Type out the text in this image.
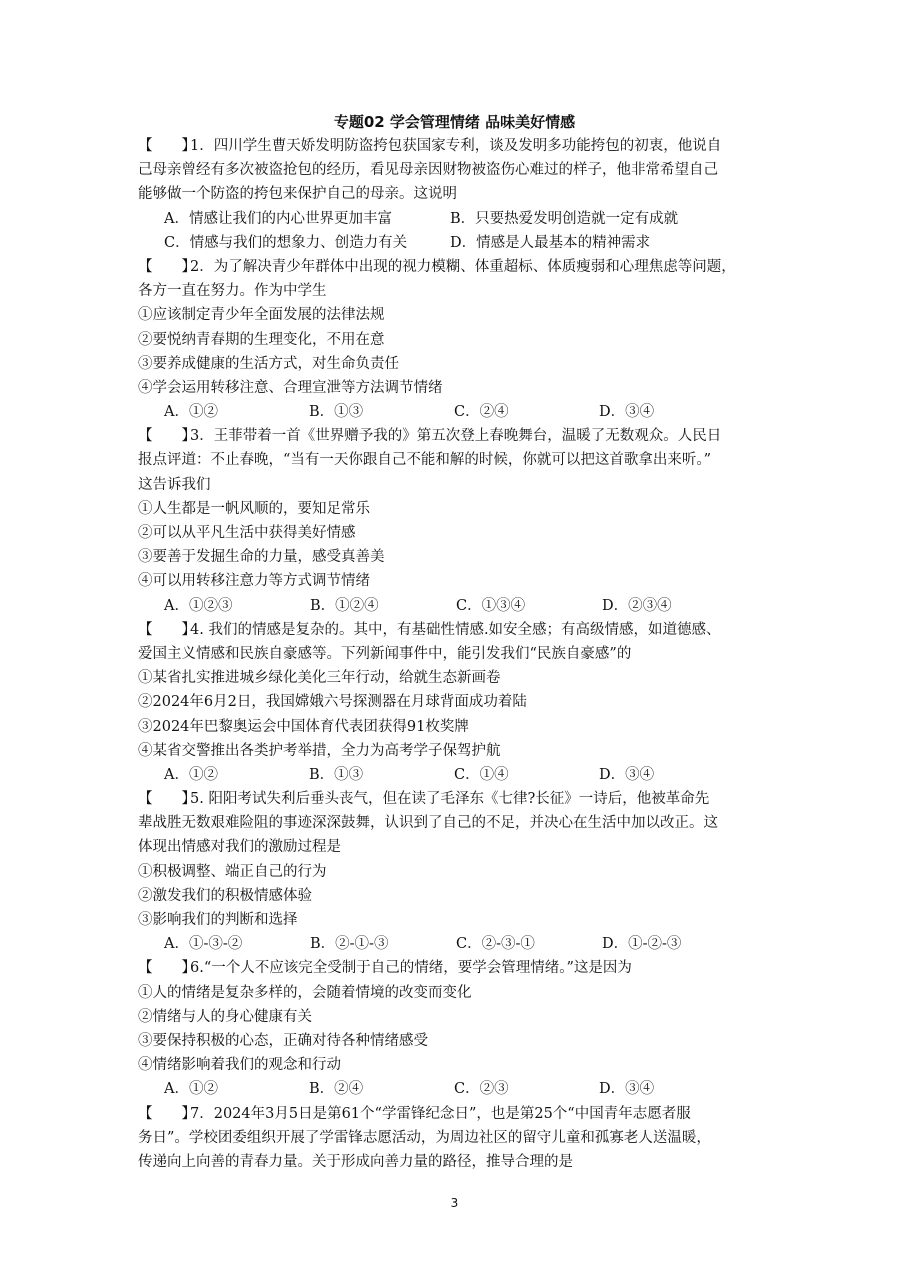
专题02 学会管理情绪 品味美好情感
【　　】
1．四川学生曹天娇发明防盗挎包获国家专利，谈及发明多功能挎包的初衷，他说自
己母亲曾经有多次被盗抢包的经历，看见母亲因财物被盗伤心难过的样子，他非常希望自己
能够做一个防盗的挎包来保护自己的母亲。这说明
A．情感让我们的内心世界更加丰富	B．只要热爱发明创造就一定有成就
C．情感与我们的想象力、创造力有关	D．情感是人最基本的精神需求
【　　】
2．为了解决青少年群体中出现的视力模糊、体重超标、体质瘦弱和心理焦虑等问题，
各方一直在努力。作为中学生
①应该制定青少年全面发展的法律法规
②要悦纳青春期的生理变化，不用在意
③要养成健康的生活方式，对生命负责任
④学会运用转移注意、合理宣泄等方法调节情绪
A．①②	B．①③	C．②④	D．③④
【　　】
3．王菲带着一首《世界赠予我的》第五次登上春晚舞台，温暖了无数观众。人民日
报点评道：不止春晚，“当有一天你跟自己不能和解的时候，你就可以把这首歌拿出来听。”
这告诉我们
①人生都是一帆风顺的，要知足常乐
②可以从平凡生活中获得美好情感
③要善于发掘生命的力量，感受真善美
④可以用转移注意力等方式调节情绪
A．①②③	B．①②④	C．①③④	D．②③④
【　　】
4. 我们的情感是复杂的。其中，有基础性情感.如安全感；有高级情感，如道德感、
爱国主义情感和民族自豪感等。下列新闻事件中，能引发我们“民族自豪感”的
①某省扎实推进城乡绿化美化三年行动，给就生态新画卷
②2024年6月2日，我国嫦娥六号探测器在月球背面成功着陆
③2024年巴黎奥运会中国体育代表团获得91枚奖牌
④某省交警推出各类护考举措，全力为高考学子保驾护航
A．①②	B．①③	C．①④	D．③④
【　　】
5. 阳阳考试失利后垂头丧气，但在读了毛泽东《七律?长征》一诗后，他被革命先
辈战胜无数艰难险阻的事迹深深鼓舞，认识到了自己的不足，并决心在生活中加以改正。这
体现出情感对我们的激励过程是
①积极调整、端正自己的行为
②激发我们的积极情感体验
③影响我们的判断和选择
A．①-③-②	B．②-①-③	C．②-③-①	D．①-②-③
【　　】
6.“一个人不应该完全受制于自己的情绪，要学会管理情绪。”这是因为
①人的情绪是复杂多样的，会随着情境的改变而变化
②情绪与人的身心健康有关
③要保持积极的心态，正确对待各种情绪感受
④情绪影响着我们的观念和行动
A．①②	B．②④	C．②③	D．③④
【　　】
7．2024年3月5日是第61个“学雷锋纪念日”，也是第25个“中国青年志愿者服
务日”。学校团委组织开展了学雷锋志愿活动，为周边社区的留守儿童和孤寡老人送温暖，
传递向上向善的青春力量。关于形成向善力量的路径，推导合理的是
3
